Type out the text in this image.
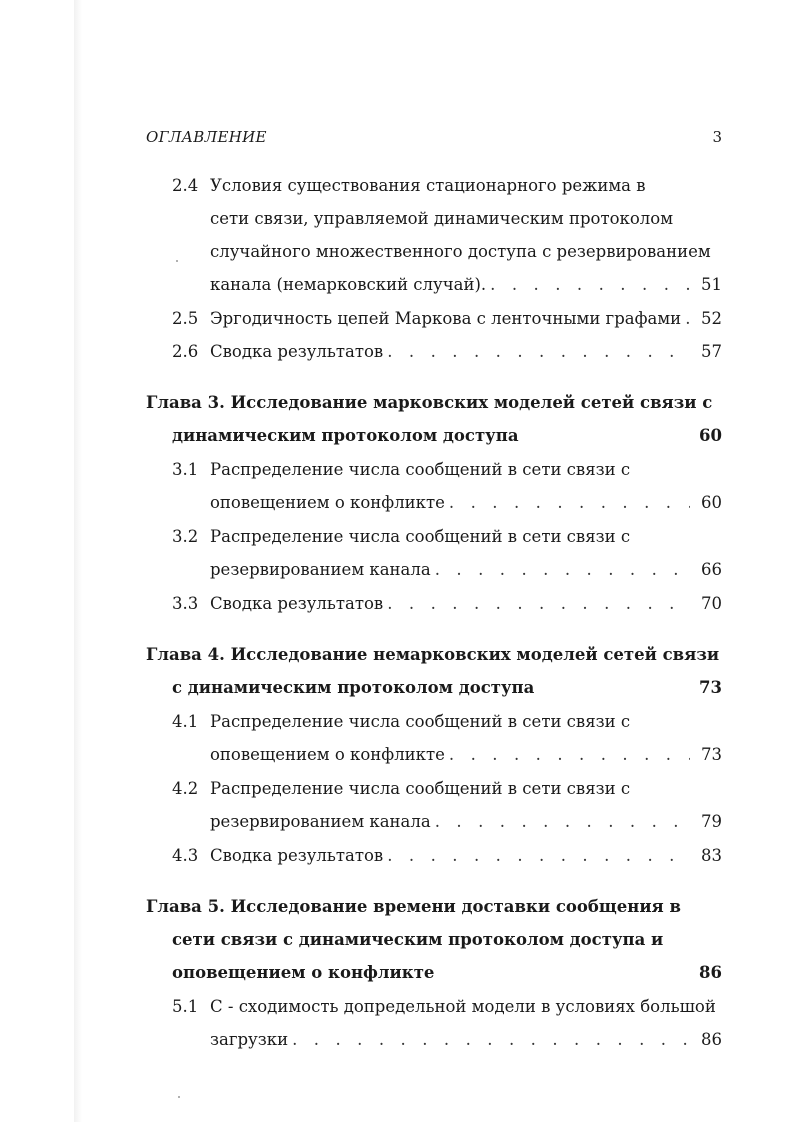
ОГЛАВЛЕНИЕ	3
2.4 Условия существования стационарного режима в
сети связи, управляемой динамическим протоколом
случайного множественного доступа с резервированием
канала (немарковский случай). . . .	51
2.5 Эргодичность цепей Маркова с ленточными графами . . . 52
2.6 Сводка результатов . . .	57
Глава 3. Исследование марковских моделей сетей связи с
динамическим протоколом доступа	60
3.1 Распределение числа сообщений в сети связи с
оповещением о конфликте . . .	60
3.2 Распределение числа сообщений в сети связи с
резервированием канала . . .	66
3.3 Сводка результатов . . .	70
Глава 4. Исследование немарковских моделей сетей связи
с динамическим протоколом доступа	73
4.1 Распределение числа сообщений в сети связи с
оповещением о конфликте . . .	73
4.2 Распределение числа сообщений в сети связи с
резервированием канала . . .	79
4.3 Сводка результатов . . .	83
Глава 5. Исследование времени доставки сообщения в
сети связи с динамическим протоколом доступа и
оповещением о конфликте	86
5.1 С - сходимость допредельной модели в условиях большой
загрузки . . .	86
